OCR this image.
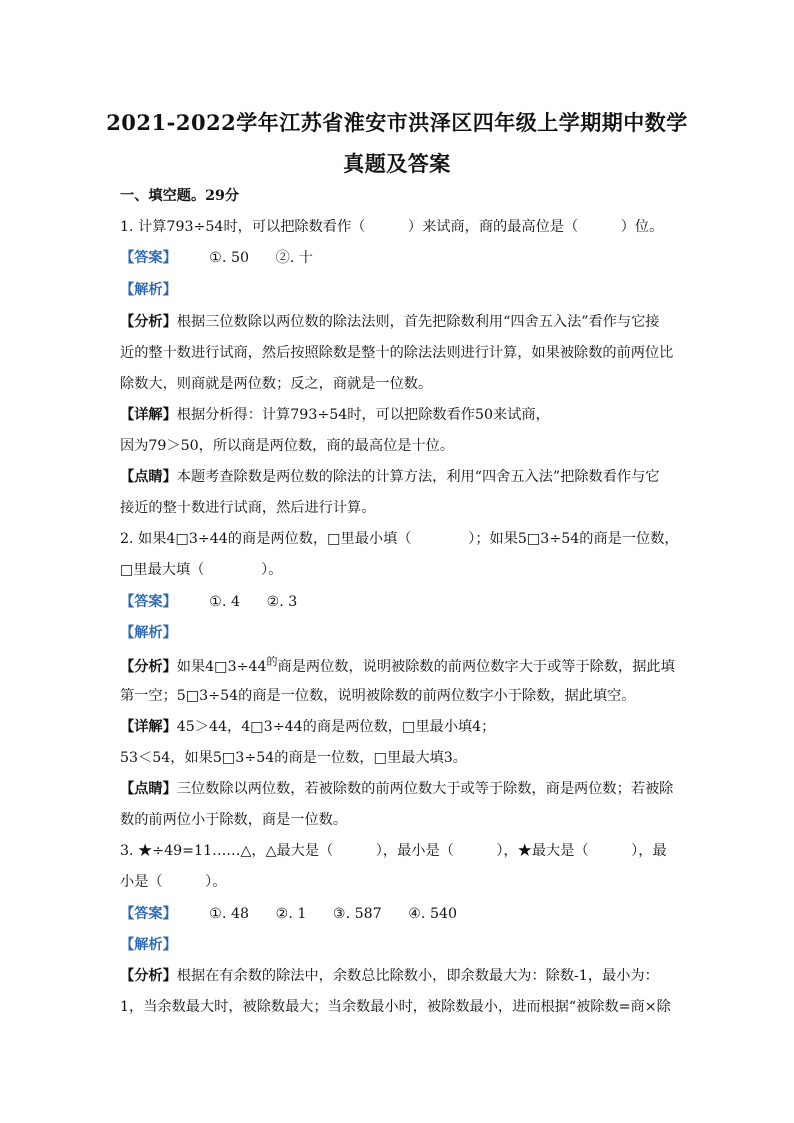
2021-2022学年江苏省淮安市洪泽区四年级上学期期中数学
真题及答案
一、填空题。29分
1. 计算793÷54时，可以把除数看作（　　　）来试商，商的最高位是（　　　）位。
【答案】 ①. 50 ②. 十
【解析】
【分析】根据三位数除以两位数的除法法则，首先把除数利用“四舍五入法”看作与它接
近的整十数进行试商，然后按照除数是整十的除法法则进行计算，如果被除数的前两位比
除数大，则商就是两位数；反之，商就是一位数。
【详解】根据分析得：计算793÷54时，可以把除数看作50来试商，
因为79＞50，所以商是两位数，商的最高位是十位。
【点睛】本题考查除数是两位数的除法的计算方法，利用“四舍五入法”把除数看作与它
接近的整十数进行试商，然后进行计算。
2. 如果4□3÷44的商是两位数，□里最小填（　　　　）；如果5□3÷54的商是一位数，
□里最大填（　　　　）。
【答案】 ①. 4 ②. 3
【解析】
【分析】如果$4□3\div 44^的$商是两位数，说明被除数的前两位数字大于或等于除数，据此填
第一空；5□3÷54的商是一位数，说明被除数的前两位数字小于除数，据此填空。
【详解】45＞44，4□3÷44的商是两位数，□里最小填4；
53＜54，如果5□3÷54的商是一位数，□里最大填3。
【点睛】三位数除以两位数，若被除数的前两位数大于或等于除数，商是两位数；若被除
数的前两位小于除数，商是一位数。
3. ★÷49=11……△，△最大是（　　　），最小是（　　　），★最大是（　　　），最
小是（　　　）。
【答案】 ①. 48 ②. 1 ③. 587 ④. 540
【解析】
【分析】根据在有余数的除法中，余数总比除数小，即余数最大为：除数-1，最小为：
1，当余数最大时，被除数最大；当余数最小时，被除数最小，进而根据“被除数=商×除
